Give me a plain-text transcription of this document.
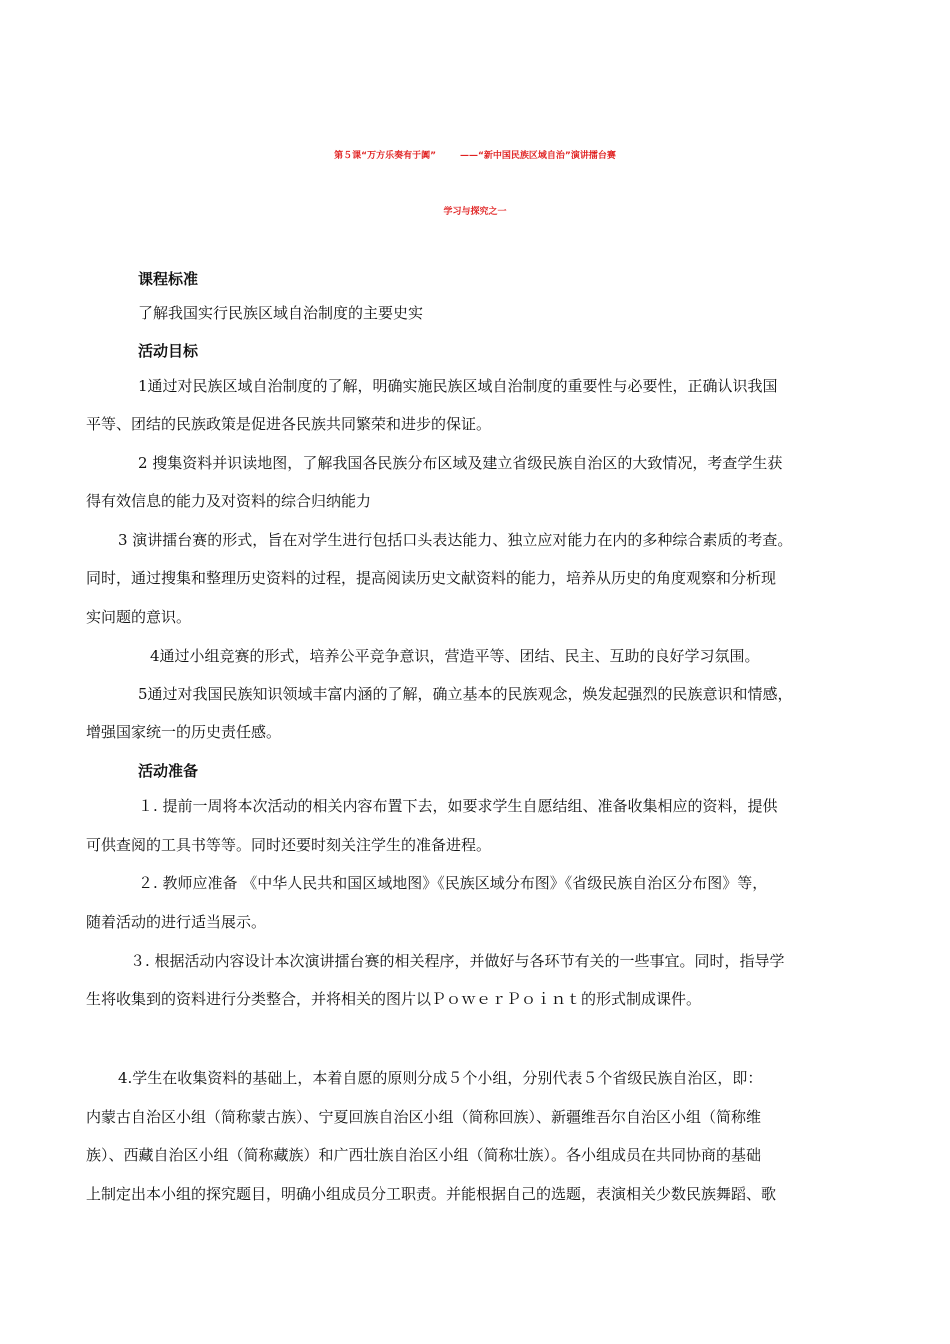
第５课“万方乐奏有于阗”	——“新中国民族区域自治”演讲擂台赛
学习与探究之一
课程标准
了解我国实行民族区域自治制度的主要史实
活动目标
1通过对民族区域自治制度的了解，明确实施民族区域自治制度的重要性与必要性，正确认识我国
平等、团结的民族政策是促进各民族共同繁荣和进步的保证。
2 搜集资料并识读地图，了解我国各民族分布区域及建立省级民族自治区的大致情况，考查学生获
得有效信息的能力及对资料的综合归纳能力
3 演讲擂台赛的形式，旨在对学生进行包括口头表达能力、独立应对能力在内的多种综合素质的考查。
同时，通过搜集和整理历史资料的过程，提高阅读历史文献资料的能力，培养从历史的角度观察和分析现
实问题的意识。
4通过小组竞赛的形式，培养公平竞争意识，营造平等、团结、民主、互助的良好学习氛围。
5通过对我国民族知识领域丰富内涵的了解，确立基本的民族观念，焕发起强烈的民族意识和情感，
增强国家统一的历史责任感。
活动准备
１. 提前一周将本次活动的相关内容布置下去，如要求学生自愿结组、准备收集相应的资料，提供
可供查阅的工具书等等。同时还要时刻关注学生的准备进程。
２. 教师应准备 《中华人民共和国区域地图》《民族区域分布图》《省级民族自治区分布图》等，
随着活动的进行适当展示。
３. 根据活动内容设计本次演讲擂台赛的相关程序，并做好与各环节有关的一些事宜。同时，指导学
生将收集到的资料进行分类整合，并将相关的图片以ＰｏｗｅｒＰｏｉｎｔ的形式制成课件。
4.学生在收集资料的基础上，本着自愿的原则分成５个小组，分别代表５个省级民族自治区，即：
内蒙古自治区小组（简称蒙古族）、宁夏回族自治区小组（简称回族）、新疆维吾尔自治区小组（简称维
族）、西藏自治区小组（简称藏族）和广西壮族自治区小组（简称壮族）。各小组成员在共同协商的基础
上制定出本小组的探究题目，明确小组成员分工职责。并能根据自己的选题，表演相关少数民族舞蹈、歌
